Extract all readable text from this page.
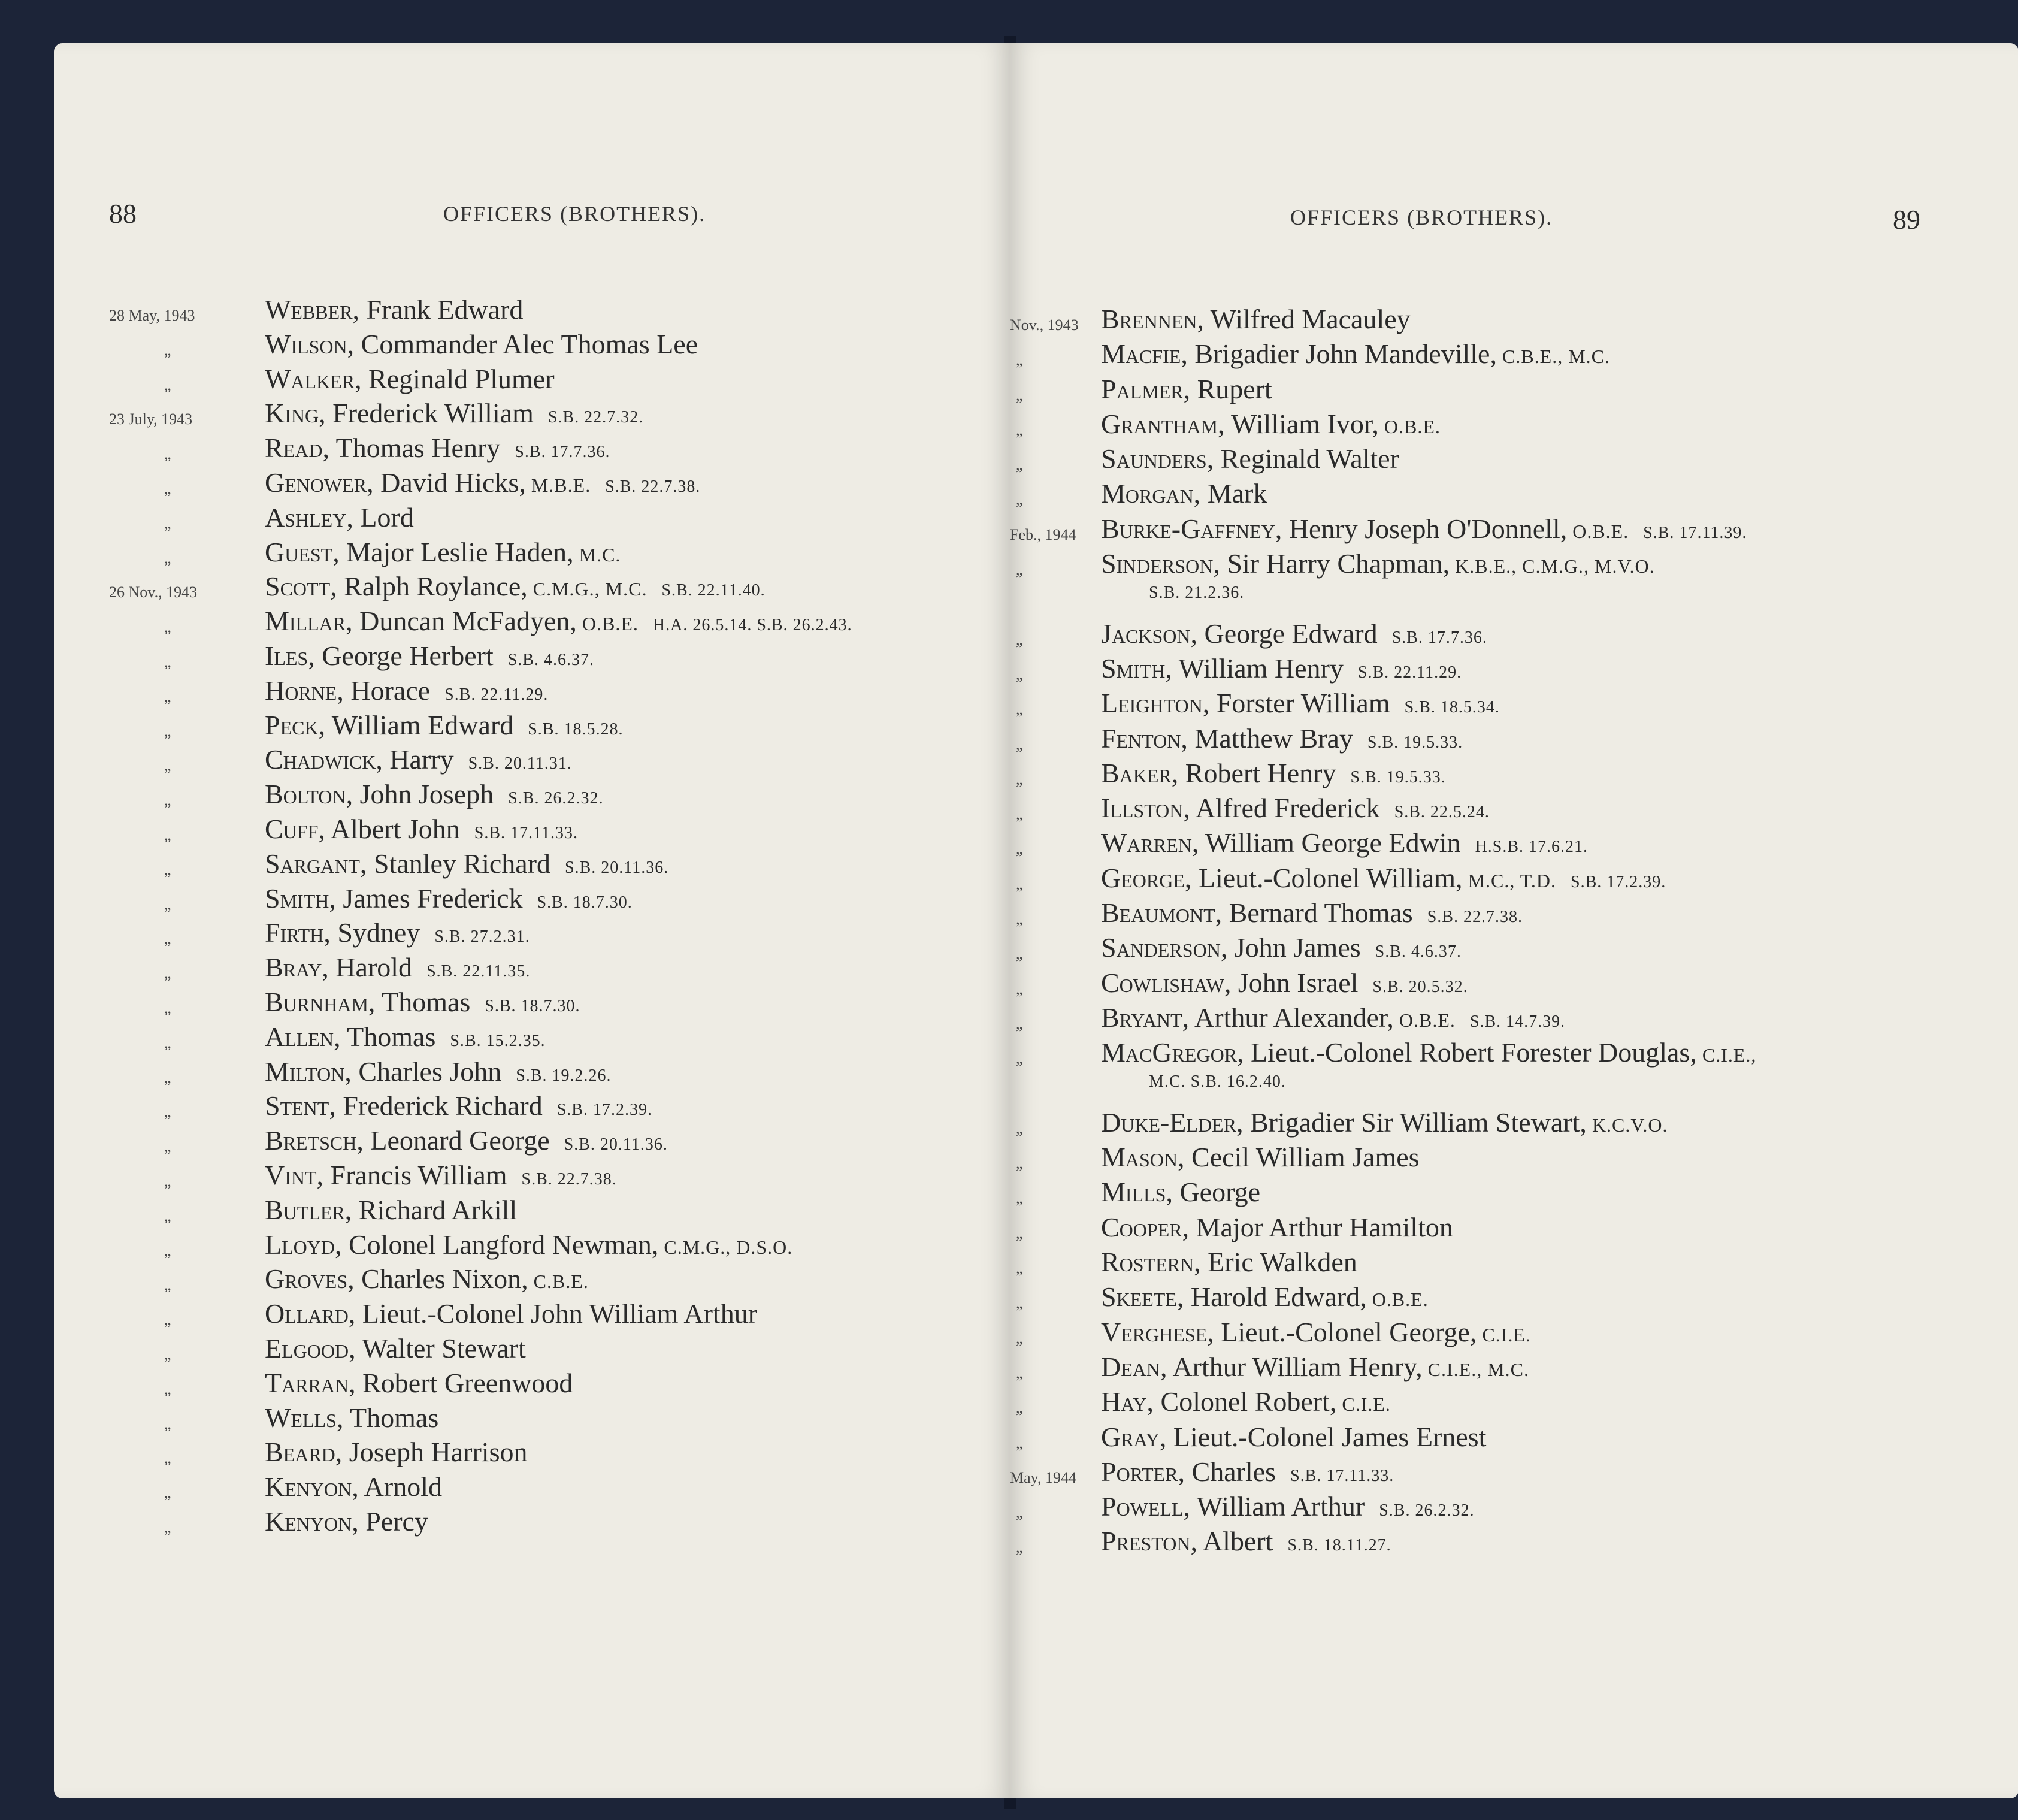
88	OFFICERS (BROTHERS).
28 May, 1943	Webber, Frank Edward
„	Wilson, Commander Alec Thomas Lee
„	Walker, Reginald Plumer
23 July, 1943	King, Frederick William S.B. 22.7.32.
„	Read, Thomas Henry S.B. 17.7.36.
„	Genower, David Hicks, M.B.E. S.B. 22.7.38.
„	Ashley, Lord
„	Guest, Major Leslie Haden, M.C.
26 Nov., 1943 Scott, Ralph Roylance, C.M.G., M.C. S.B. 22.11.40.
„	Millar, Duncan McFadyen, O.B.E. H.A. 26.5.14. S.B. 26.2.43.
„	Iles, George Herbert S.B. 4.6.37.
„	Horne, Horace S.B. 22.11.29.
„	Peck, William Edward S.B. 18.5.28.
„	Chadwick, Harry S.B. 20.11.31.
„	Bolton, John Joseph S.B. 26.2.32.
„	Cuff, Albert John S.B. 17.11.33.
„	Sargant, Stanley Richard S.B. 20.11.36.
„	Smith, James Frederick S.B. 18.7.30.
„	Firth, Sydney S.B. 27.2.31.
„	Bray, Harold S.B. 22.11.35.
„	Burnham, Thomas S.B. 18.7.30.
„	Allen, Thomas S.B. 15.2.35.
„	Milton, Charles John S.B. 19.2.26.
„	Stent, Frederick Richard S.B. 17.2.39.
„	Bretsch, Leonard George S.B. 20.11.36.
„	Vint, Francis William S.B. 22.7.38.
„	Butler, Richard Arkill
„	Lloyd, Colonel Langford Newman, C.M.G., D.S.O.
„	Groves, Charles Nixon, C.B.E.
„	Ollard, Lieut.-Colonel John William Arthur
„	Elgood, Walter Stewart
„	Tarran, Robert Greenwood
„	Wells, Thomas
„	Beard, Joseph Harrison
„	Kenyon, Arnold
„	Kenyon, Percy
OFFICERS (BROTHERS).	89
Nov., 1943 Brennen, Wilfred Macauley
„	Macfie, Brigadier John Mandeville, C.B.E., M.C.
„	Palmer, Rupert
„	Grantham, William Ivor, O.B.E.
„	Saunders, Reginald Walter
„	Morgan, Mark
Feb., 1944 Burke-Gaffney, Henry Joseph O'Donnell, O.B.E. S.B. 17.11.39.
„	Sinderson, Sir Harry Chapman, K.B.E., C.M.G., M.V.O.
S.B. 21.2.36.
„	Jackson, George Edward S.B. 17.7.36.
„	Smith, William Henry S.B. 22.11.29.
„	Leighton, Forster William S.B. 18.5.34.
„	Fenton, Matthew Bray S.B. 19.5.33.
„	Baker, Robert Henry S.B. 19.5.33.
„	Illston, Alfred Frederick S.B. 22.5.24.
„	Warren, William George Edwin H.S.B. 17.6.21.
„	George, Lieut.-Colonel William, M.C., T.D. S.B. 17.2.39.
„	Beaumont, Bernard Thomas S.B. 22.7.38.
„	Sanderson, John James S.B. 4.6.37.
„	Cowlishaw, John Israel S.B. 20.5.32.
„	Bryant, Arthur Alexander, O.B.E. S.B. 14.7.39.
„	MacGregor, Lieut.-Colonel Robert Forester Douglas, C.I.E.,
M.C. S.B. 16.2.40.
„	Duke-Elder, Brigadier Sir William Stewart, K.C.V.O.
„	Mason, Cecil William James
„	Mills, George
„	Cooper, Major Arthur Hamilton
„	Rostern, Eric Walkden
„	Skeete, Harold Edward, O.B.E.
„	Verghese, Lieut.-Colonel George, C.I.E.
„	Dean, Arthur William Henry, C.I.E., M.C.
„	Hay, Colonel Robert, C.I.E.
„	Gray, Lieut.-Colonel James Ernest
May, 1944 Porter, Charles S.B. 17.11.33.
„	Powell, William Arthur S.B. 26.2.32.
„	Preston, Albert S.B. 18.11.27.
